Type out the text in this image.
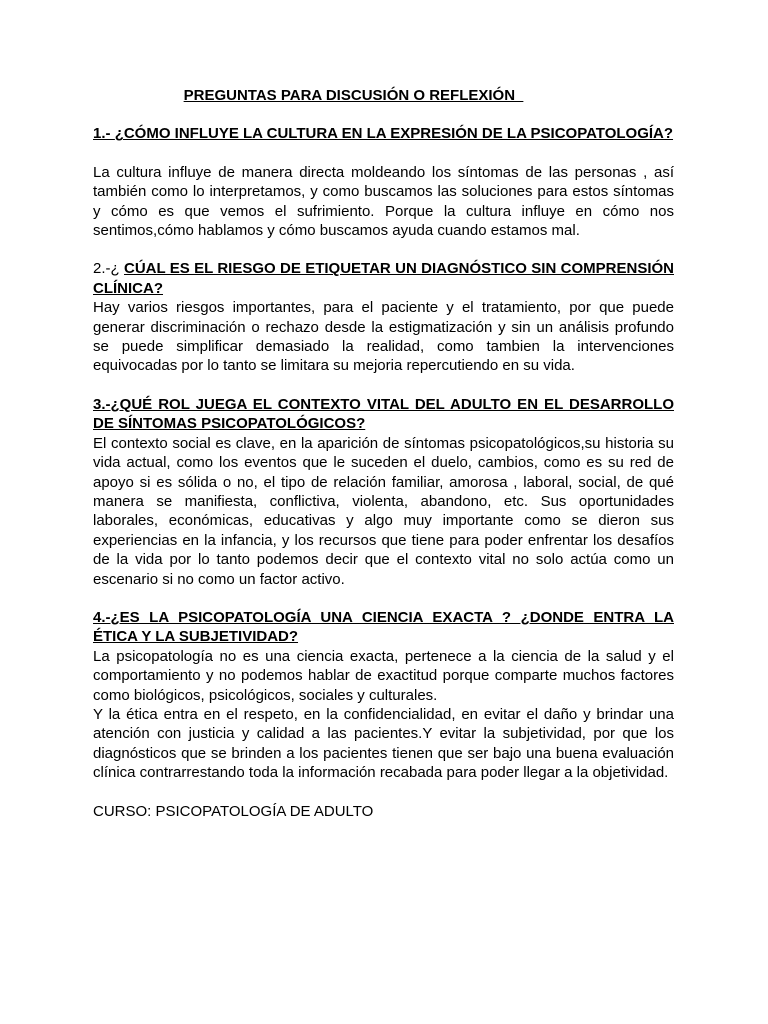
PREGUNTAS PARA DISCUSIÓN O REFLEXIÓN

1.- ¿CÓMO INFLUYE LA CULTURA EN LA EXPRESIÓN DE LA PSICOPATOLOGÍA?

La cultura influye de manera directa moldeando los síntomas de las personas , así también como lo interpretamos, y como buscamos las soluciones para estos síntomas y cómo es que vemos el sufrimiento. Porque la cultura influye en cómo nos sentimos,cómo hablamos y cómo buscamos ayuda cuando estamos mal.

2.-¿ CÚAL ES EL RIESGO DE ETIQUETAR UN DIAGNÓSTICO SIN COMPRENSIÓN CLÍNICA?

Hay varios riesgos importantes, para el paciente y el tratamiento, por que puede generar discriminación o rechazo desde la estigmatización y sin un análisis profundo se puede simplificar demasiado la realidad, como tambien la intervenciones equivocadas por lo tanto se limitara su mejoria repercutiendo en su vida.

3.-¿QUÉ ROL JUEGA EL CONTEXTO VITAL DEL ADULTO EN EL DESARROLLO DE SÍNTOMAS PSICOPATOLÓGICOS?

El contexto social es clave, en la aparición de síntomas psicopatológicos,su historia su vida actual, como los eventos que le suceden el duelo, cambios, como es su red de apoyo si es sólida o no, el tipo de relación familiar, amorosa , laboral, social, de qué manera se manifiesta, conflictiva, violenta, abandono, etc. Sus oportunidades laborales, económicas, educativas y algo muy importante como se dieron sus experiencias en la infancia, y los recursos que tiene para poder enfrentar los desafíos de la vida por lo tanto podemos decir que el contexto vital no solo actúa como un escenario si no como un factor activo.

4.-¿ES LA PSICOPATOLOGÍA UNA CIENCIA EXACTA ? ¿DONDE ENTRA LA ÉTICA Y LA SUBJETIVIDAD?

La psicopatología no es una ciencia exacta, pertenece a la ciencia de la salud y el comportamiento y no podemos hablar de exactitud porque comparte muchos factores como biológicos, psicológicos, sociales y culturales.

Y la ética entra en el respeto, en la confidencialidad, en evitar el daño y brindar una atención con justicia y calidad a las pacientes.Y evitar la subjetividad, por que los diagnósticos que se brinden a los pacientes tienen que ser bajo una buena evaluación clínica contrarrestando toda la información recabada para poder llegar a la objetividad.

CURSO: PSICOPATOLOGÍA DE ADULTO
